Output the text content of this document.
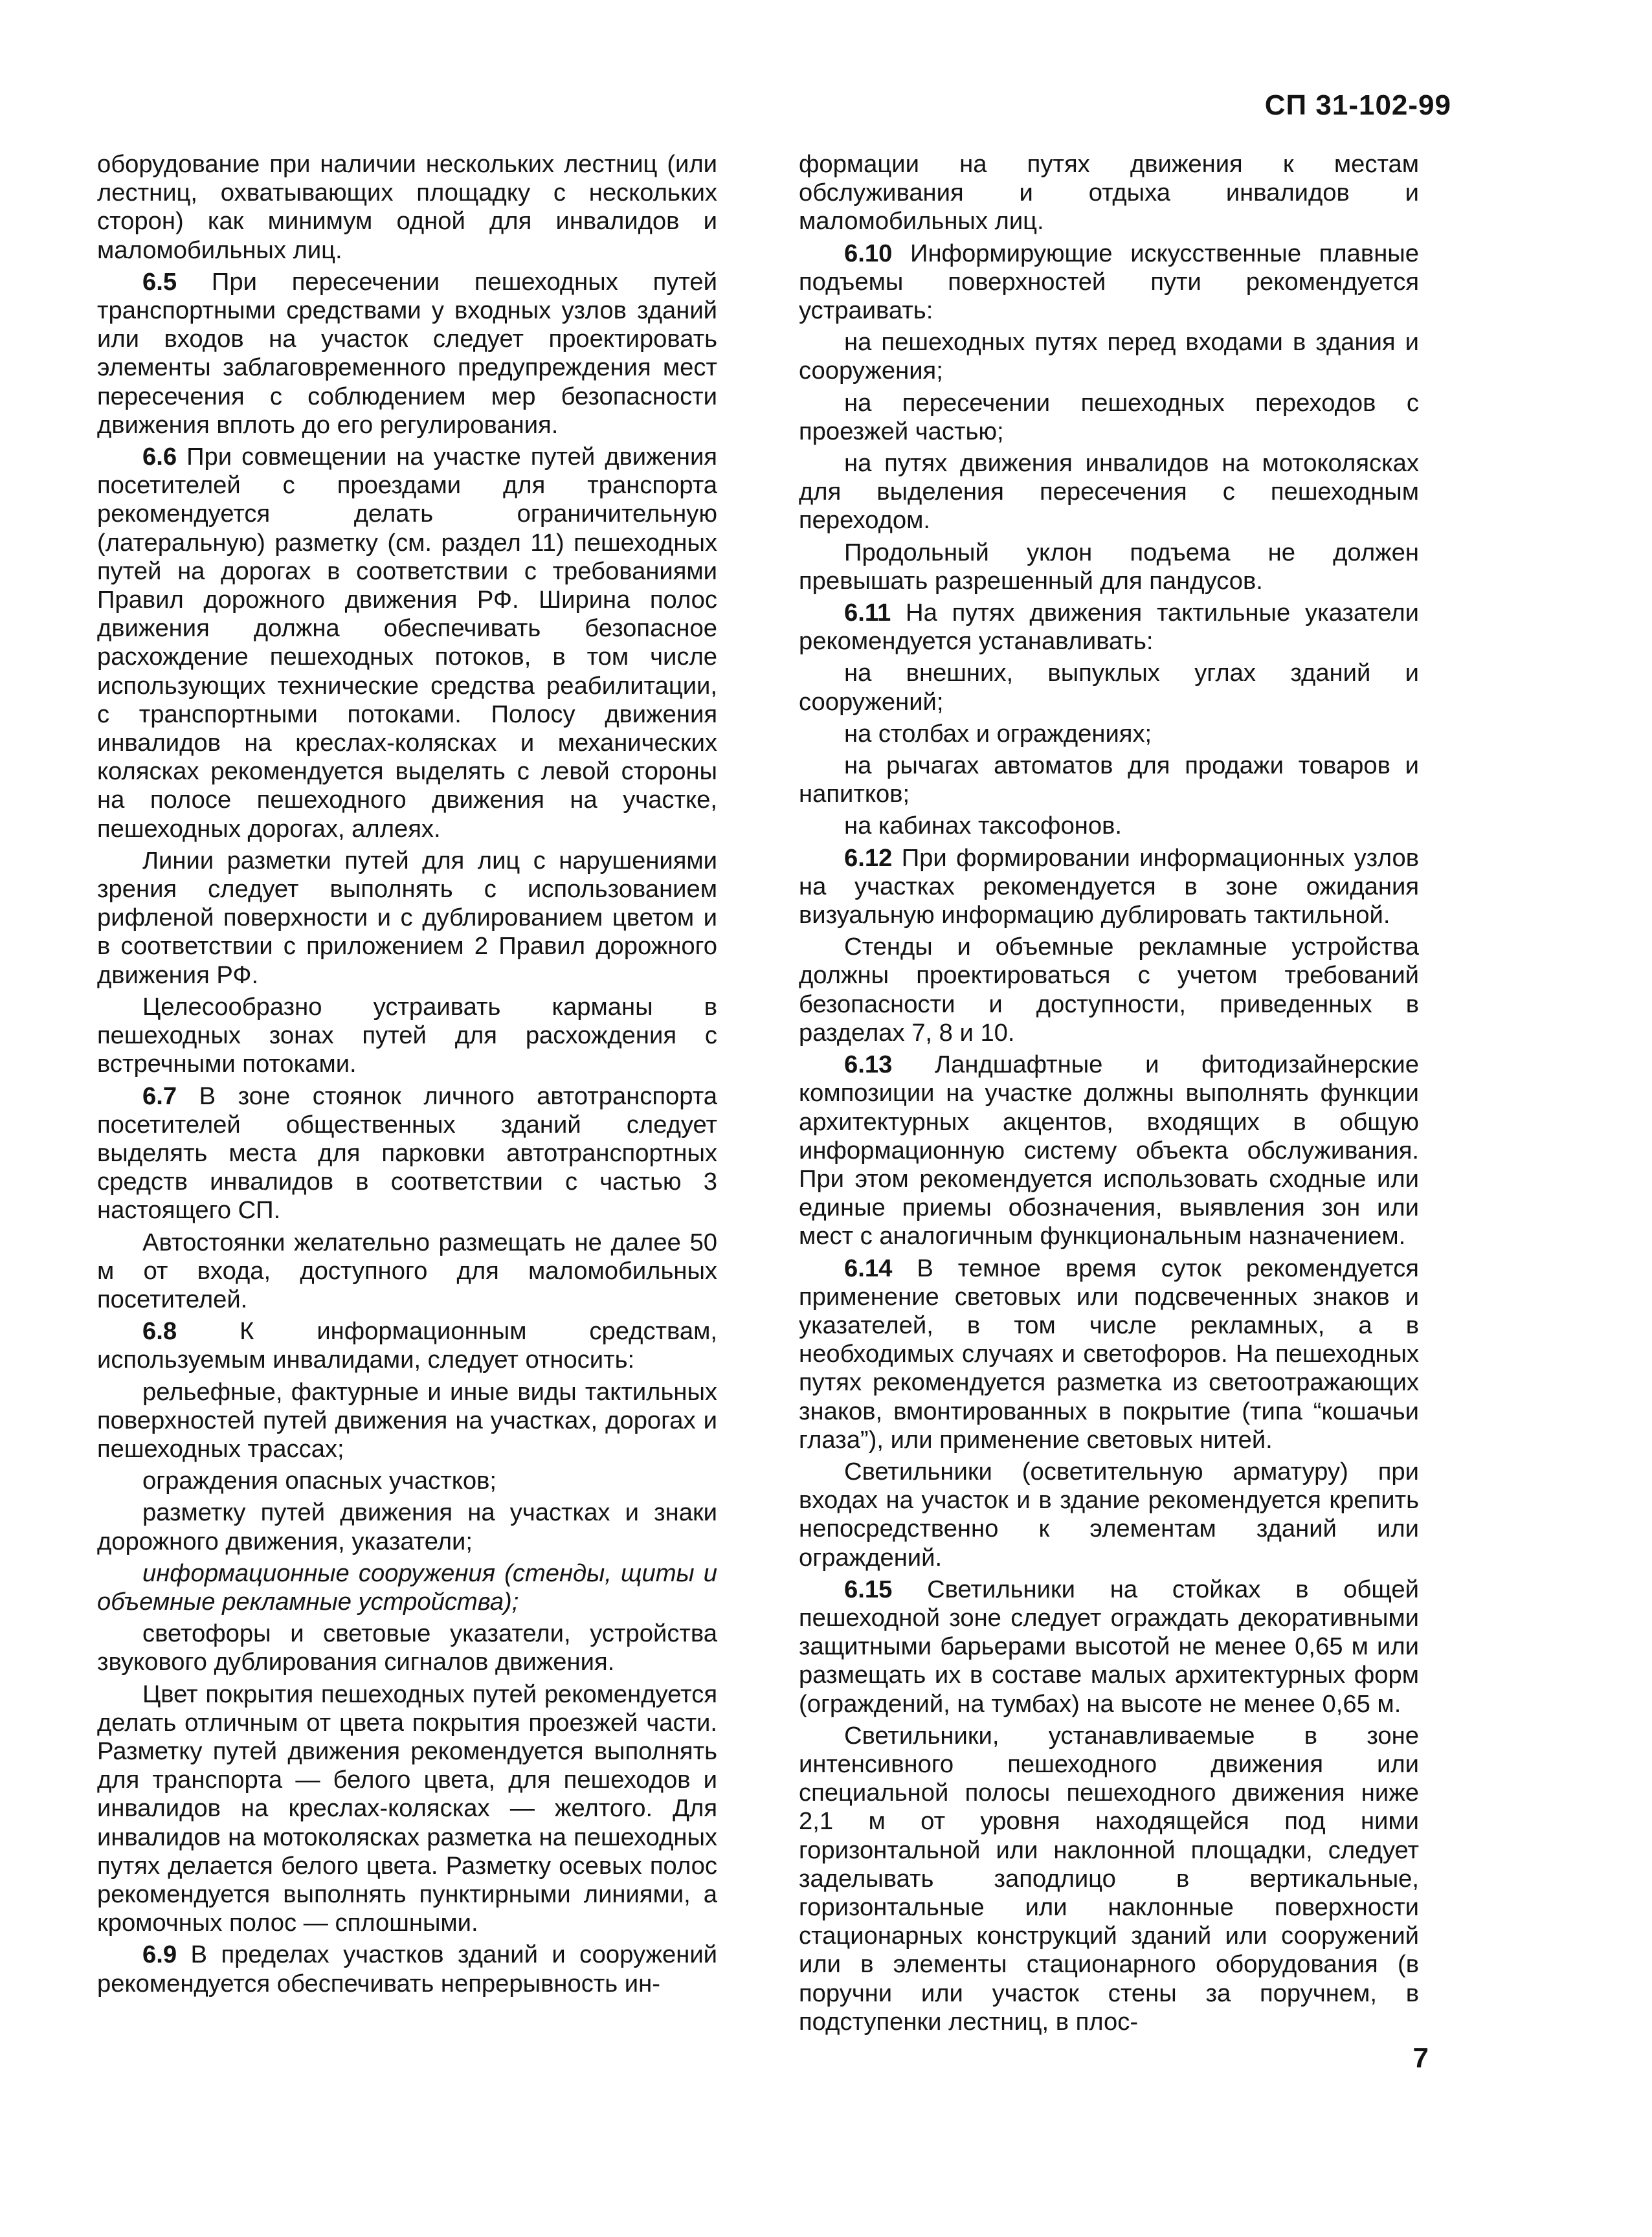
СП 31-102-99

оборудование при наличии нескольких лестниц (или лестниц, охватывающих площадку с нескольких сторон) как минимум одной для инвалидов и маломобильных лиц.

6.5 При пересечении пешеходных путей транспортными средствами у входных узлов зданий или входов на участок следует проектировать элементы заблаговременного предупреждения мест пересечения с соблюдением мер безопасности движения вплоть до его регулирования.

6.6 При совмещении на участке путей движения посетителей с проездами для транспорта рекомендуется делать ограничительную (латеральную) разметку (см. раздел 11) пешеходных путей на дорогах в соответствии с требованиями Правил дорожного движения РФ. Ширина полос движения должна обеспечивать безопасное расхождение пешеходных потоков, в том числе использующих технические средства реабилитации, с транспортными потоками. Полосу движения инвалидов на креслах-колясках и механических колясках рекомендуется выделять с левой стороны на полосе пешеходного движения на участке, пешеходных дорогах, аллеях.

Линии разметки путей для лиц с нарушениями зрения следует выполнять с использованием рифленой поверхности и с дублированием цветом и в соответствии с приложением 2 Правил дорожного движения РФ.

Целесообразно устраивать карманы в пешеходных зонах путей для расхождения с встречными потоками.

6.7 В зоне стоянок личного автотранспорта посетителей общественных зданий следует выделять места для парковки автотранспортных средств инвалидов в соответствии с частью 3 настоящего СП.

Автостоянки желательно размещать не далее 50 м от входа, доступного для маломобильных посетителей.

6.8	К информационным средствам, используемым инвалидами, следует относить:

рельефные, фактурные и иные виды тактильных поверхностей путей движения на участках, дорогах и пешеходных трассах;

ограждения опасных участков;

разметку путей движения на участках и знаки дорожного движения, указатели;

информационные сооружения (стенды, щиты и объемные рекламные устройства);

светофоры и световые указатели, устройства звукового дублирования сигналов движения.

Цвет покрытия пешеходных путей рекомендуется делать отличным от цвета покрытия проезжей части. Разметку путей движения рекомендуется выполнять для транспорта — белого цвета, для пешеходов и инвалидов на креслах-колясках — желтого. Для инвалидов на мотоколясках разметка на пешеходных путях делается белого цвета. Разметку осевых полос рекомендуется выполнять пунктирными линиями, а кромочных полос — сплошными.

6.9 В пределах участков зданий и сооружений рекомендуется обеспечивать непрерывность ин-

формации на путях движения к местам обслуживания и отдыха инвалидов и маломобильных лиц.

6.10 Информирующие искусственные плавные подъемы поверхностей пути рекомендуется устраивать:

на пешеходных путях перед входами в здания и сооружения;

на пересечении пешеходных переходов с проезжей частью;

на путях движения инвалидов на мотоколясках для выделения пересечения с пешеходным переходом.

Продольный уклон подъема не должен превышать разрешенный для пандусов.

6.11 На путях движения тактильные указатели рекомендуется устанавливать:

на внешних, выпуклых углах зданий и сооружений;

на столбах и ограждениях;

на рычагах автоматов для продажи товаров и напитков;

на кабинах таксофонов.

6.12 При формировании информационных узлов на участках рекомендуется в зоне ожидания визуальную информацию дублировать тактильной.

Стенды и объемные рекламные устройства должны проектироваться с учетом требований безопасности и доступности, приведенных в разделах 7, 8 и 10.

6.13 Ландшафтные и фитодизайнерские композиции на участке должны выполнять функции архитектурных акцентов, входящих в общую информационную систему объекта обслуживания. При этом рекомендуется использовать сходные или единые приемы обозначения, выявления зон или мест с аналогичным функциональным назначением.

6.14 В темное время суток рекомендуется применение световых или подсвеченных знаков и указателей, в том числе рекламных, а в необходимых случаях и светофоров. На пешеходных путях рекомендуется разметка из светоотражающих знаков, вмонтированных в покрытие (типа “кошачьи глаза”), или применение световых нитей.

Светильники (осветительную арматуру) при входах на участок и в здание рекомендуется крепить непосредственно к элементам зданий или ограждений.

6.15 Светильники на стойках в общей пешеходной зоне следует ограждать декоративными защитными барьерами высотой не менее 0,65 м или размещать их в составе малых архитектурных форм (ограждений, на тумбах) на высоте не менее 0,65 м.

Светильники, устанавливаемые в зоне интенсивного пешеходного движения или специальной полосы пешеходного движения ниже 2,1 м от уровня находящейся под ними горизонтальной или наклонной площадки, следует заделывать заподлицо в вертикальные, горизонтальные или наклонные поверхности стационарных конструкций зданий или сооружений или в элементы стационарного оборудования (в поручни или участок стены за поручнем, в подступенки лестниц, в плос-

7
